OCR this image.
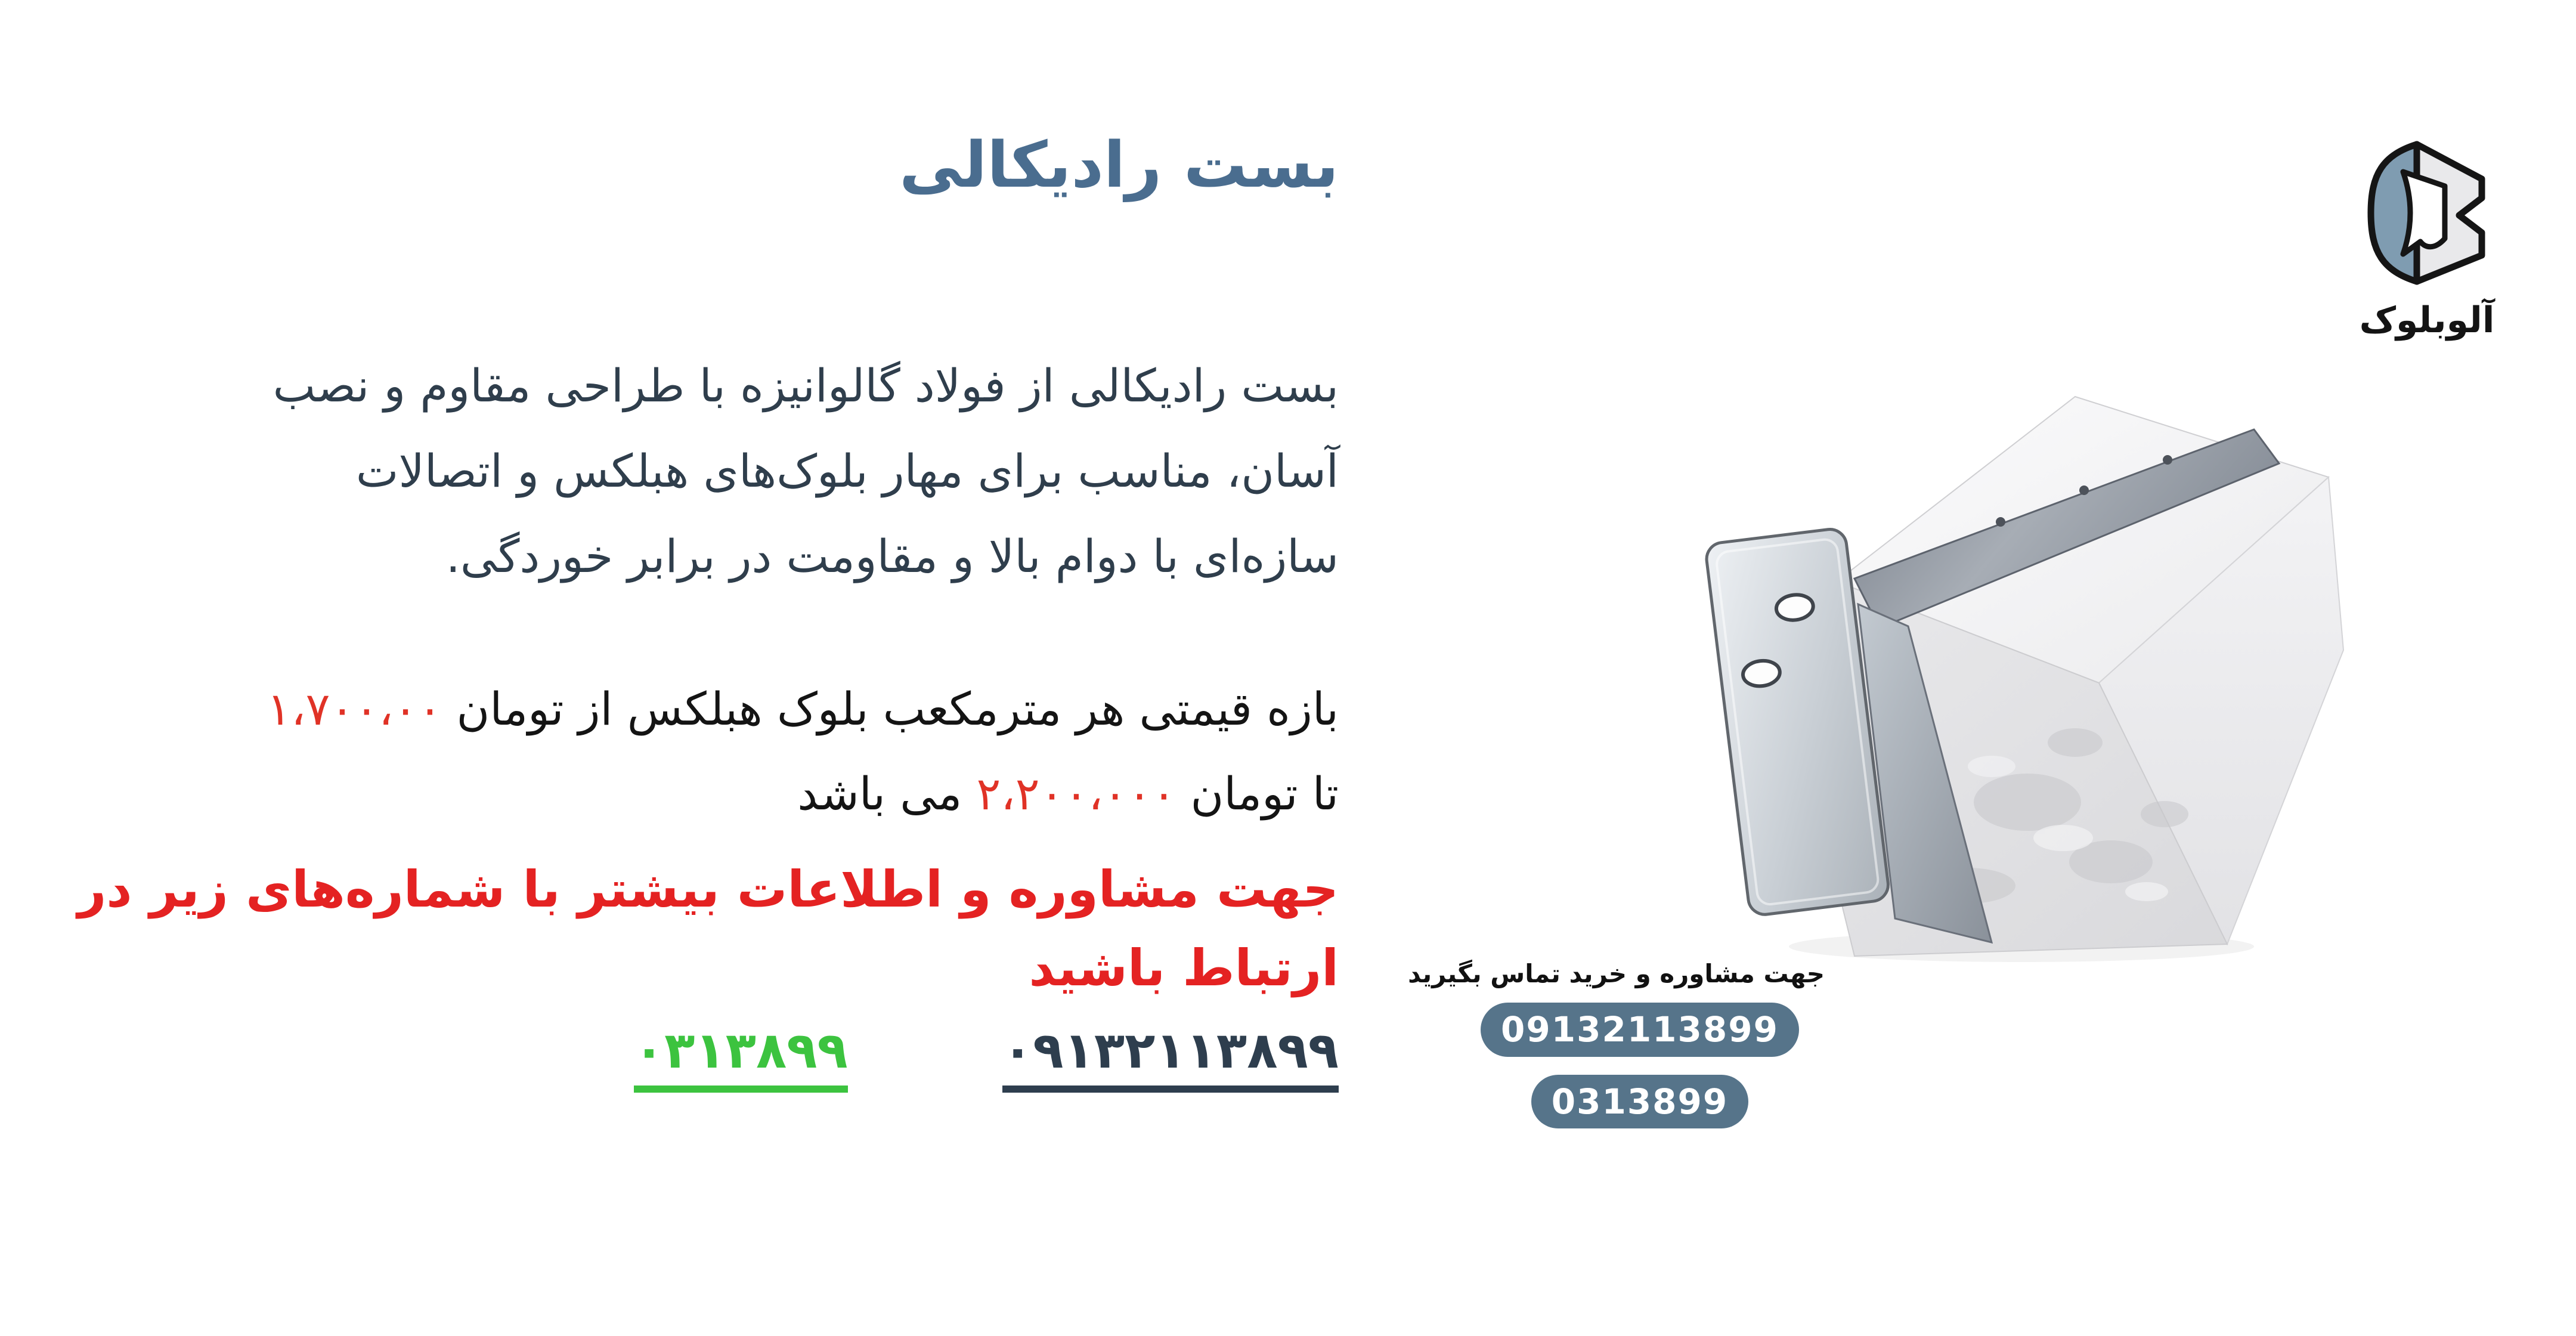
بست رادیکالی
بست رادیکالی از فولاد گالوانیزه با طراحی مقاوم و نصب
آسان، مناسب برای مهار بلوک‌های هبلکس و اتصالات
سازه‌ای با دوام بالا و مقاومت در برابر خوردگی.
بازه قیمتی هر مترمکعب بلوک هبلکس از تومان ۱،۷۰۰،۰۰
تا تومان ۲،۲۰۰،۰۰۰ می باشد
جهت مشاوره و اطلاعات بیشتر با شماره‌های زیر در
ارتباط باشید
۰۹۱۳۲۱۱۳۸۹۹ ۰۳۱۳۸۹۹
آلوبلوک
جهت مشاوره و خرید تماس بگیرید
09132113899
0313899
